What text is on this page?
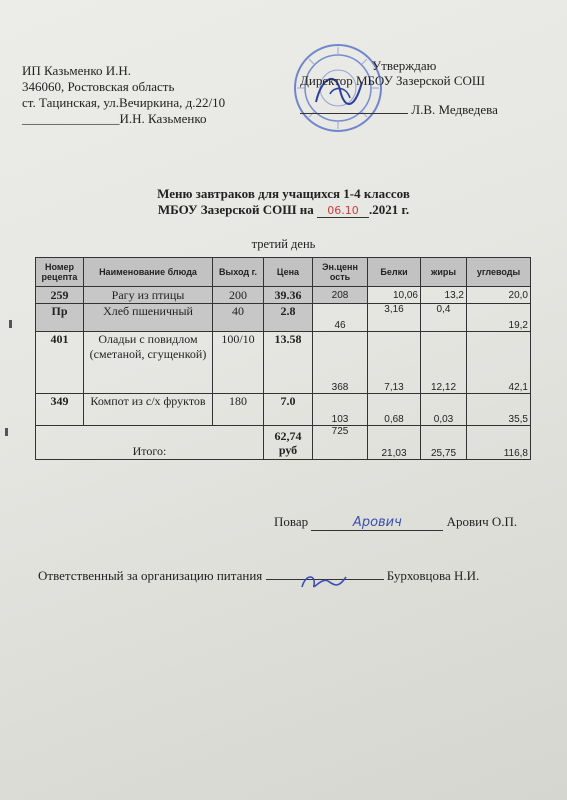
ИП Казьменко И.Н.
346060, Ростовская область
ст. Тацинская, ул.Вечиркина, д.22/10
_______________И.Н. Казьменко
Утверждаю
Директор МБОУ Зазерской СОШ
Л.В. Медведева
Меню завтраков для учащихся 1-4 классов
МБОУ Зазерской СОШ на 06.10 .2021 г.
третий день
Номер рецепта	Наименование блюда	Выход г.	Цена	Эн.ценн ость	Белки	жиры	углеводы
259	Рагу из птицы	200	39.36	208	10,06	13,2	20,0
Пр	Хлеб пшеничный	40	2.8	46	3,16	0,4	19,2
401	Оладьи с повидлом (сметаной, сгущенкой)	100/10	13.58	368	7,13	12,12	42,1
349	Компот из с/х фруктов	180	7.0	103	0,68	0,03	35,5
Итого:			62,74 руб	725	21,03	25,75	116,8
Повар	Арович	Арович О.П.
Ответственный за организацию питания	Бурховцова Н.И.
